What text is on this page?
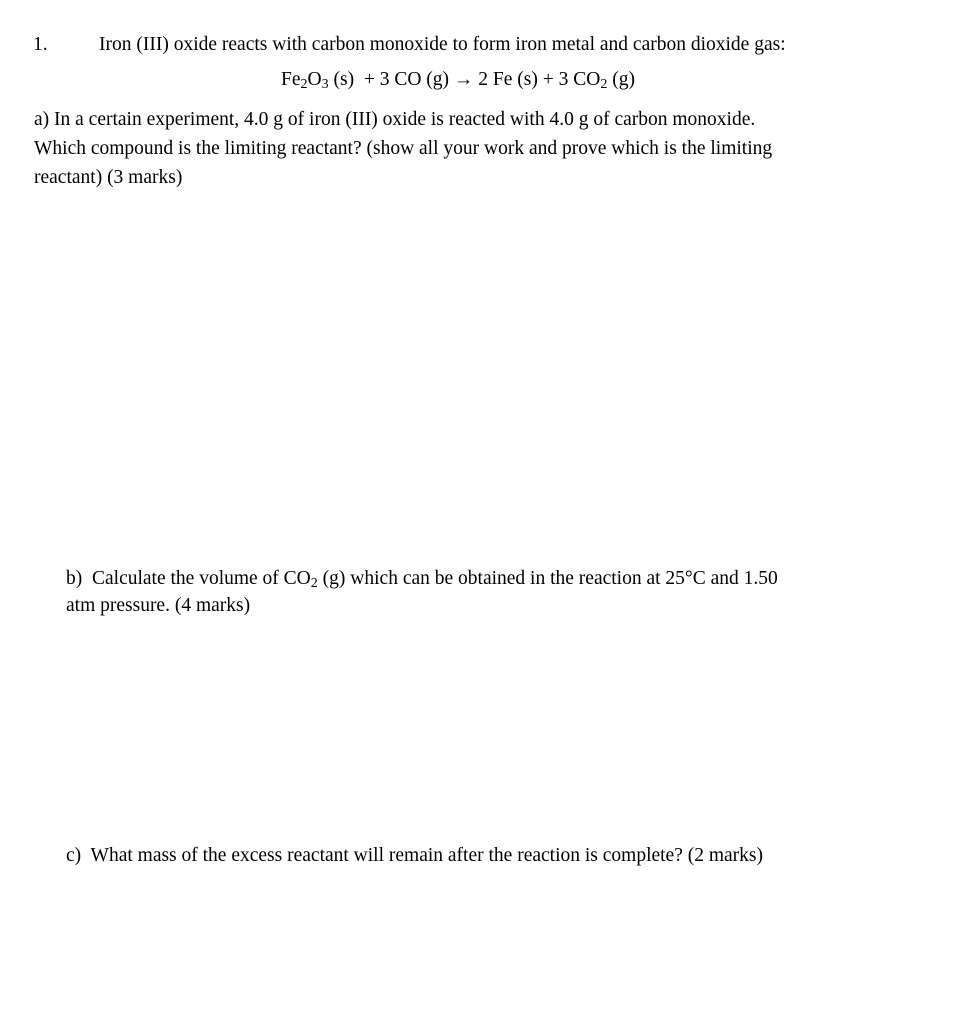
1.	Iron (III) oxide reacts with carbon monoxide to form iron metal and carbon dioxide gas:
$Fe_2O_3$ (s)  + 3 CO (g) → 2 Fe (s) + 3 $CO_2$ (g)
a) In a certain experiment, 4.0 g of iron (III) oxide is reacted with 4.0 g of carbon monoxide.
Which compound is the limiting reactant? (show all your work and prove which is the limiting
reactant) (3 marks)
b)  Calculate the volume of $CO_2$ (g) which can be obtained in the reaction at 25°C and 1.50
atm pressure. (4 marks)
c)  What mass of the excess reactant will remain after the reaction is complete? (2 marks)
